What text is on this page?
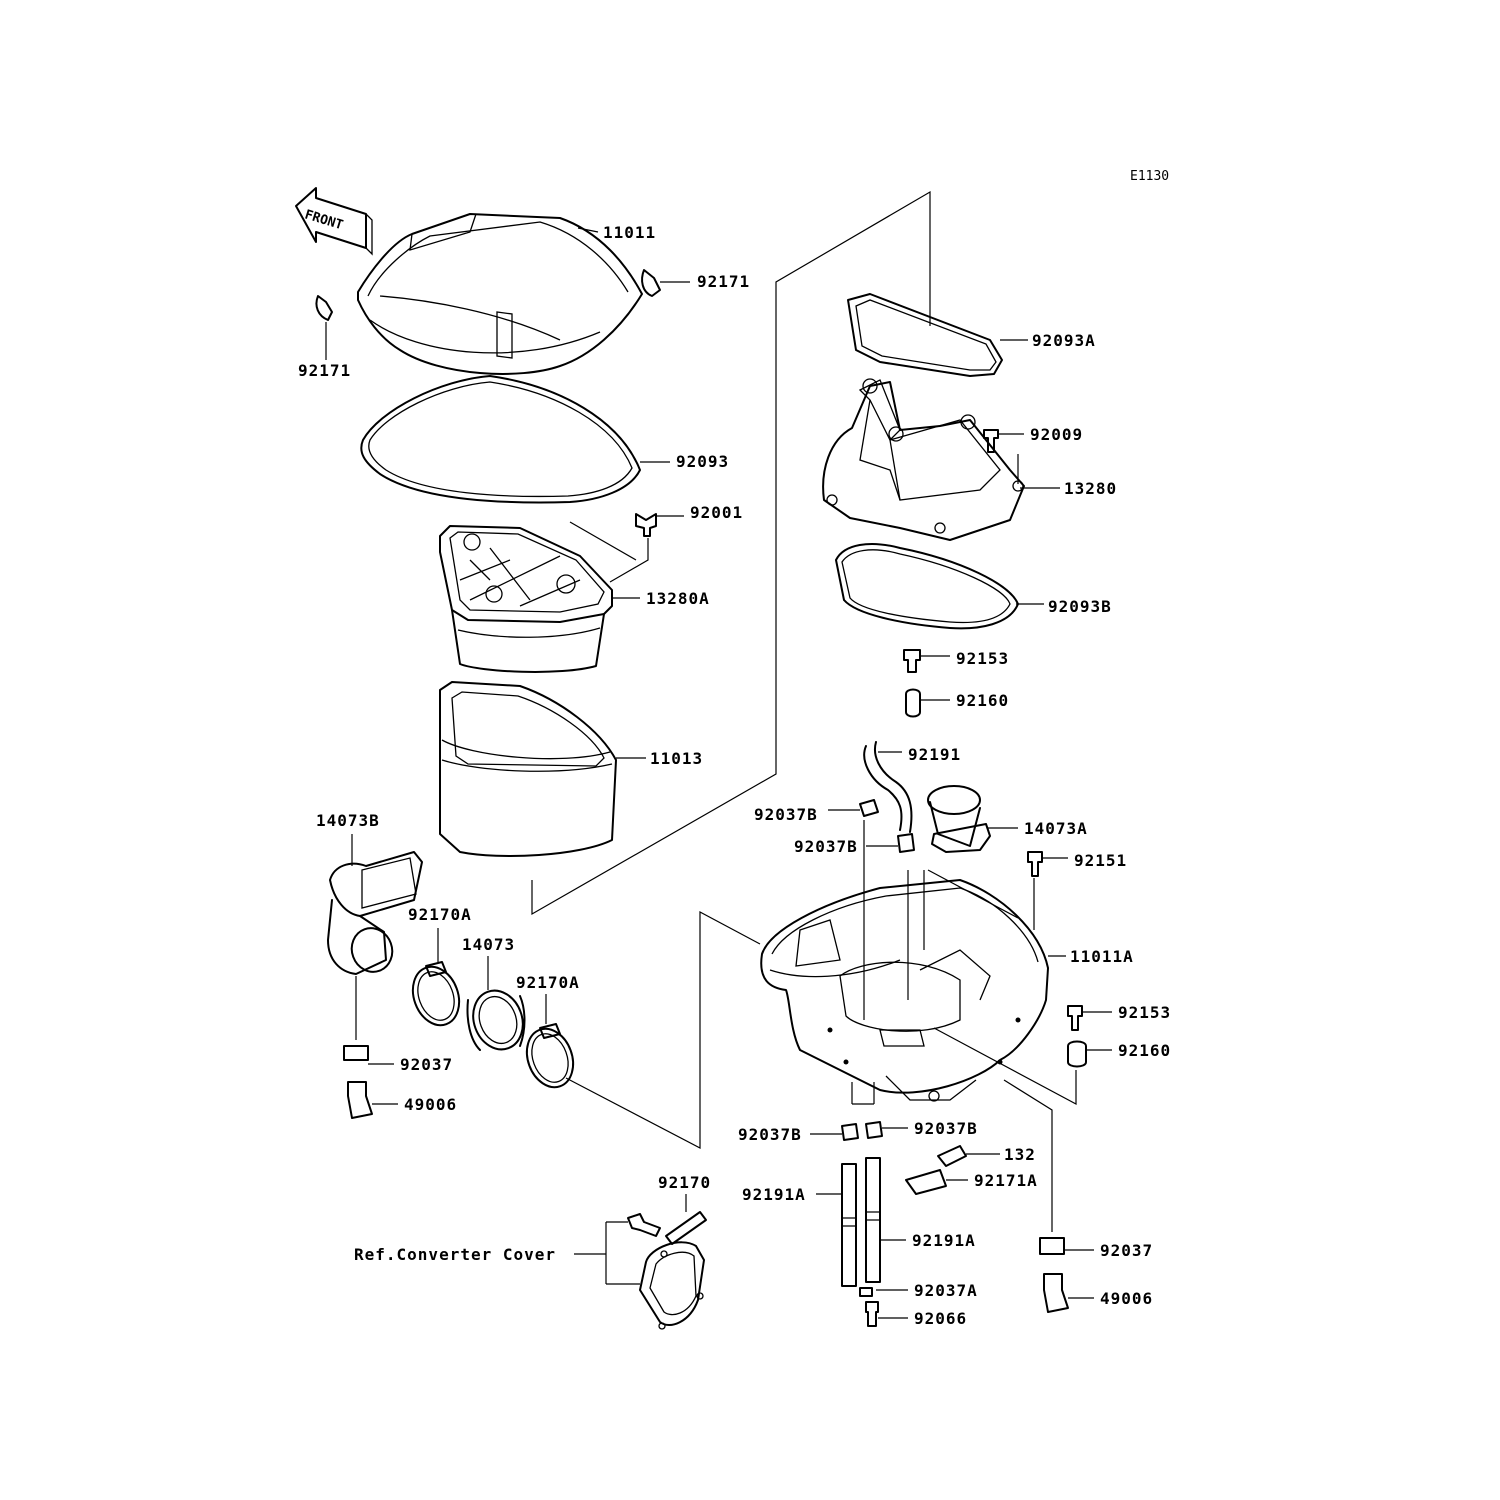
E1130
FRONT	11011
92171
92171
92093
92001
13280A
11013
92093A
13280
92009
92093B
92153
92160
92191
92037B
92037B
14073A
92151
11011A
92153
92160
14073B
92170A
14073
92170A
92037
49006
92037B	92037B
132
92171A
92191A
92191A
92037A
92066
92037
49006
92170
Ref.Converter Cover
